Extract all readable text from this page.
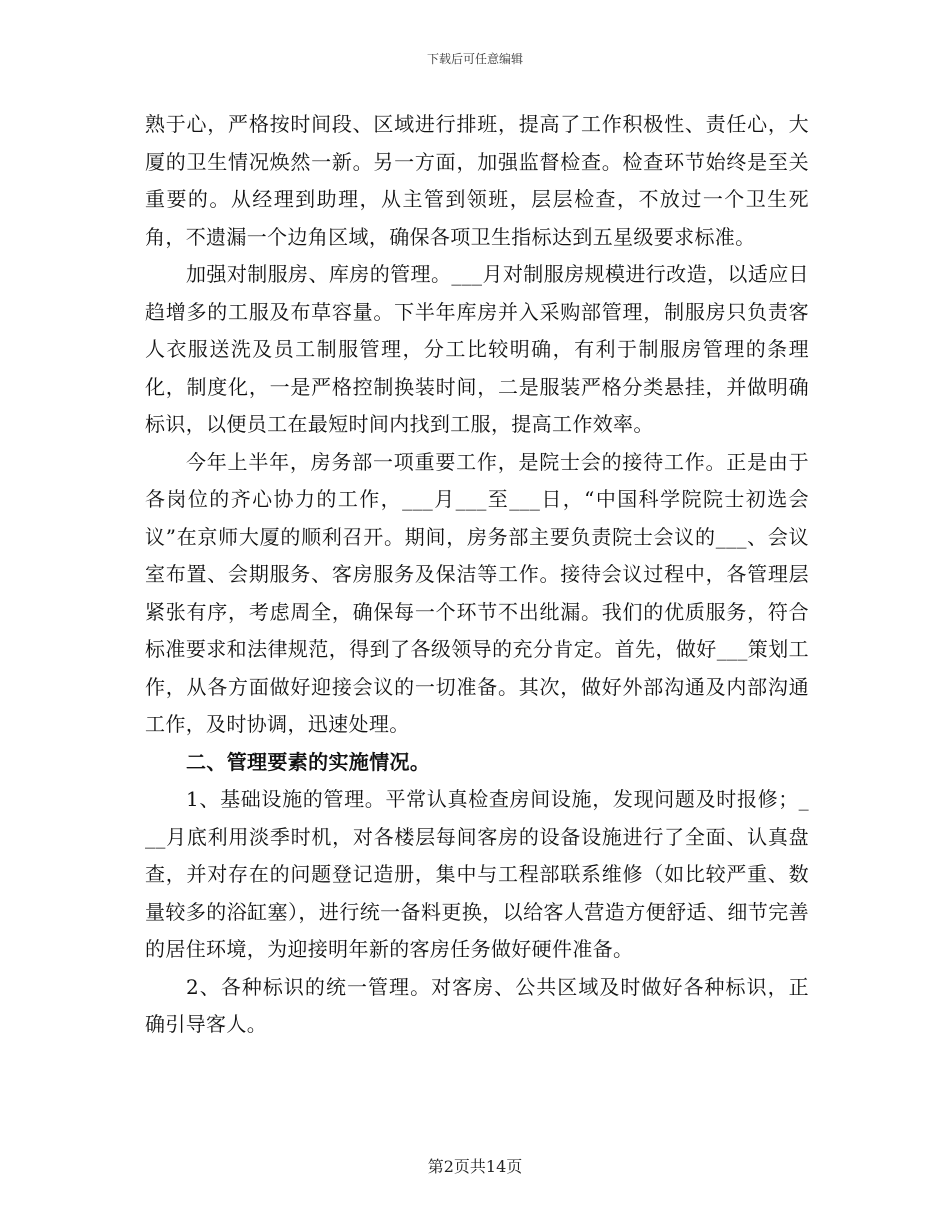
下载后可任意编辑

熟于心，严格按时间段、区域进行排班，提高了工作积极性、责任心，大厦的卫生情况焕然一新。另一方面，加强监督检查。检查环节始终是至关重要的。从经理到助理，从主管到领班，层层检查，不放过一个卫生死角，不遗漏一个边角区域，确保各项卫生指标达到五星级要求标准。

加强对制服房、库房的管理。___月对制服房规模进行改造，以适应日趋增多的工服及布草容量。下半年库房并入采购部管理，制服房只负责客人衣服送洗及员工制服管理，分工比较明确，有利于制服房管理的条理化，制度化，一是严格控制换装时间，二是服装严格分类悬挂，并做明确标识，以便员工在最短时间内找到工服，提高工作效率。

今年上半年，房务部一项重要工作，是院士会的接待工作。正是由于各岗位的齐心协力的工作，___月___至___日，“中国科学院院士初选会议”在京师大厦的顺利召开。期间，房务部主要负责院士会议的___、会议室布置、会期服务、客房服务及保洁等工作。接待会议过程中，各管理层紧张有序，考虑周全，确保每一个环节不出纰漏。我们的优质服务，符合标准要求和法律规范，得到了各级领导的充分肯定。首先，做好___策划工作，从各方面做好迎接会议的一切准备。其次，做好外部沟通及内部沟通工作，及时协调，迅速处理。

二、管理要素的实施情况。

1、基础设施的管理。平常认真检查房间设施，发现问题及时报修；___月底利用淡季时机，对各楼层每间客房的设备设施进行了全面、认真盘查，并对存在的问题登记造册，集中与工程部联系维修（如比较严重、数量较多的浴缸塞），进行统一备料更换，以给客人营造方便舒适、细节完善的居住环境，为迎接明年新的客房任务做好硬件准备。

2、各种标识的统一管理。对客房、公共区域及时做好各种标识，正确引导客人。

第2页共14页
